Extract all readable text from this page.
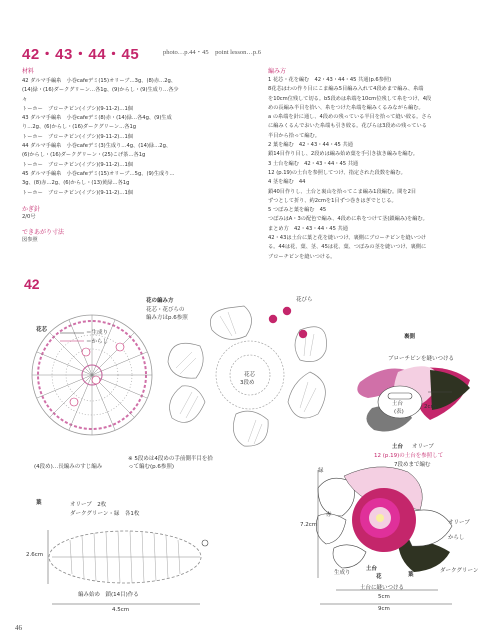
42・43・44・45	photo…p.44・45　point lesson…p.6
材料
42 ダルマ手編糸　小巻cafeデミ(15)オリーブ…3g、(8)赤…2g、
(14)緑・(16)ダークグリーン…各1g、(9)からし・(9)生成り…各少
々
トーホー　ブローチピン(イブシ)(9-11-2)…1個
43 ダルマ手編糸　小巻cafeデミ(8)赤・(14)緑…各4g、(9)生成
り…2g、(6)からし・(16)ダークグリーン…各1g
トーホー　ブローチピン(イブシ)(9-11-2)…1個
44 ダルマ手編糸　小巻cafeデミ(3)生成り…4g、(14)緑…2g、
(6)からし・(16)ダークグリーン・(25)こげ茶…各1g
トーホー　ブローチピン(イブシ)(9-11-2)…1個
45 ダルマ手編糸　小巻cafeデミ(15)オリーブ…5g、(9)生成り…
3g、(8)赤…2g、(6)からし・(13)黄緑…各1g
トーホー　ブローチピン(イブシ)(9-11-2)…1個
かぎ針
2/0号
できあがり寸法
図参照
編み方
1 花芯・花を編む　42・43・44・45 共通(p.6参照)
8花芯はわの作り目にこま編み5目編み入れて4段めまで編み、糸端
を10cm位残して切る。b5段めは糸端を10cm位残して糸をつけ、4段
めの長編み半目を拾い、糸をつけた糸端を編みくるみながら編む。
a の糸端を針に通し、4段めの残っている半目を拾って縫い絞る。さら
に編みくるんでおいた糸端も引き絞る。花びらは3段めの残っている
半目から拾って編む。
2 葉を編む　42・43・44・45 共通
鎖14目作り目し、2段めは編み始め葉を手引き抜き編みを編む。
3 土台を編む　42・43・44・45 共通
12 (p.19)の土台を参照してつけ、指定された段数を編む。
4 茎を編む　44
鎖40目作りし、土台と裏山を拾ってこま編み1段編む。間を2目
ずつとして折り、約2cmを1目ずつ巻きはぎでとじる。
5 つぼみと葉を編む　45
つぼみはA・3の配色で編み、4段めに糸をつけて茎(鎖編み)を編む。
まとめ方　42・43・44・45 共通
42・43は土台に葉と花を縫いつけ、裏側にブローチピンを縫いつけ
る。44は花、葉、茎、45は花、葉、つぼみの茎を縫いつけ、裏側に
ブローチピンを縫いつける。
42
花芯	＝生成り
＝からし
(4段め)…長編みのすじ編み
※ 5段めは4段めの手前側半目を拾って編む(p.6参照)
花の編み方
花芯・花びらの
編み方はp.6参照
花びら
花芯
3段め
裏側
ブローチピンを縫いつける
土台
(表)
2cm
土台 オリーブ
12 (p.19)の土台を参照して
7段めまで編む
葉	オリーブ　2枚
ダークグリーン・緑　各1枚
編み始め　鎖(14目)作る
4.5cm
2.6cm
緑
赤
オリーブ
からし
生成り	ダークグリーン
土台
花	葉
7.2cm
土台に縫いつける
5cm
9cm
46
